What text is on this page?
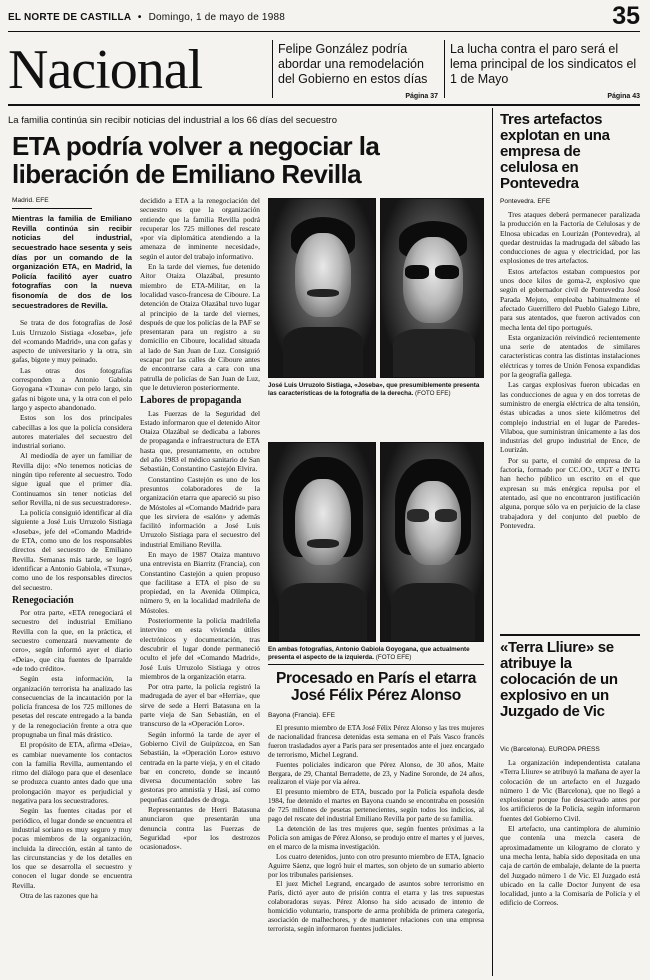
EL NORTE DE CASTILLA • Domingo, 1 de mayo de 1988	35
Nacional	Felipe González podría abordar una remodelación del Gobierno en estos días
Página 37
La lucha contra el paro será el lema principal de los sindicatos el 1 de Mayo
Página 43
La familia continúa sin recibir noticias del industrial a los 66 días del secuestro
ETA podría volver a negociar la liberación de Emiliano Revilla
Madrid. EFE
Mientras la familia de Emiliano Revilla continúa sin recibir noticias del industrial, secuestrado hace sesenta y seis días por un comando de la organización ETA, en Madrid, la Policía facilitó ayer cuatro fotografías con la nueva fisonomía de dos de los secuestradores de Revilla.

Se trata de dos fotografías de José Luis Urruzolo Sistiaga «Joseba», jefe del «comando Madrid», una con gafas y aspecto de universitario y la otra, sin gafas, bigote y muy peinado.

Las otras dos fotografías corresponden a Antonio Gabiola Goyogana «Txuna» con pelo largo, sin gafas ni bigote una, y la otra con el pelo largo y aspecto abandonado.

Estos son los dos principales cabecillas a los que la policía considera autores materiales del secuestro del industrial soriano.

Al mediodía de ayer un familiar de Revilla dijo: «No tenemos noticias de ningún tipo referente al secuestro. Todo sigue igual que el primer día. Continuamos sin tener noticias del señor Revilla, ni de sus secuestradores».

La policía consiguió identificar al día siguiente a José Luis Urruzolo Sistiaga «Joseba», jefe del «Comando Madrid» de ETA, como uno de los responsables directos del secuestro de Emiliano Revilla. Semanas más tarde, se logró identificar a Antonio Gabiola, «Txuna», como uno de los responsables directos del secuestro.

Renegociación

Por otra parte, «ETA renegociará el secuestro del industrial Emiliano Revilla con la que, en la práctica, el secuestro comenzará nuevamente de cero», según informó ayer el diario «Deia», que cita fuentes de Iparralde «de todo crédito».

Según esta información, la organización terrorista ha analizado las consecuencias de la incautación por la policía francesa de los 725 millones de pesetas del rescate entregado a la banda y de la renegociación frente a otra que propugnaba un final más drástico.

El propósito de ETA, afirma «Deia», es cambiar nuevamente los contactos con la familia Revilla, aumentando el ritmo del diálogo para que el desenlace se produzca cuanto antes dado que una prolongación mayor es perjudicial y negativa para los secuestradores.

Según las fuentes citadas por el periódico, el lugar donde se encuentra el industrial soriano es muy seguro y muy pocas miembros de la organización, incluida la dirección, están al tanto de las circunstancias y de los detalles en los que se desarrolla el secuestro y conocen el lugar donde se encuentra Revilla.

Otra de las razones que ha

decidido a ETA a la renegociación del secuestro es que la organización entiende que la familia Revilla podrá recuperar los 725 millones del rescate «por vía diplomática atendiendo a la amenaza de inminente necesidad», según el autor del trabajo informativo.

En la tarde del viernes, fue detenido Aitor Otaiza Olazábal, presunto miembro de ETA-Militar, en la localidad vasco-francesa de Ciboure. La detención de Otaiza Olazábal tuvo lugar al principio de la tarde del viernes, después de que los policías de la PAF se presentaran para un registro a su domicilio en Ciboure, localidad situada al lado de San Juan de Luz. Consiguió escapar por las calles de Ciboure antes de encontrarse cara a cara con una patrulla de policías de San Juan de Luz, que le detuvieron posteriormente.

Labores de propaganda

Las Fuerzas de la Seguridad del Estado informaron que el detenido Aitor Otaiza Olazábal se dedicaba a labores de propaganda e infraestructura de ETA hasta que, presuntamente, en octubre del año 1983 el médico sanitario de San Sebastián, Constantino Castejón Elvira.

Constantino Castejón es uno de los presuntos colaboradores de la organización etarra que apareció su piso de Móstoles al «Comando Madrid» para que les sirviera de «salón» y además facilitó información a José Luis Urruzolo Sistiaga para el secuestro del industrial Emiliano Revilla.

En mayo de 1987 Otaiza mantuvo una entrevista en Biarritz (Francia), con Constantino Castejón a quien propuso que facilitase a ETA el piso de su propiedad, en la Avenida Olímpica, número 9, en la localidad madrileña de Móstoles.

Posteriormente la policía madrileña intervino en esta vivienda útiles electrónicos y documentación, tras descubrir el lugar donde permaneció oculto el jefe del «Comando Madrid», José Luis Urruzolo Sistiaga y otros miembros de la organización etarra.

Por otra parte, la policía registró la madrugada de ayer el bar «Herria», que sirve de sede a Herri Batasuna en la parte vieja de San Sebastián, en el transcurso de la «Operación Loro».

Según informó la tarde de ayer el Gobierno Civil de Guipúzcoa, en San Sebastián, la «Operación Loro» estuvo centrada en la parte vieja, y en el citado bar en concreto, donde se incautó diversa documentación sobre las gestoras pro amnistía y Hasi, así como pequeñas cantidades de droga.

Representantes de Herri Batasuna anunciaron que presentarán una denuncia contra las Fuerzas de Seguridad «por los destrozos ocasionados».

José Luis Urruzolo Sistiaga, «Joseba», que presumiblemente presenta las características de la fotografía de la derecha. (FOTO EFE)
En ambas fotografías, Antonio Gabiola Goyogana, que actualmente presenta el aspecto de la izquierda. (FOTO EFE)
Procesado en París el etarra José Félix Pérez Alonso
Bayona (Francia). EFE

El presunto miembro de ETA José Félix Pérez Alonso y las tres mujeres de nacionalidad francesa detenidas esta semana en el País Vasco francés fueron trasladados ayer a París para ser presentados ante el juez encargado de terrorismo, Michel Legrand.

Fuentes policiales indicaron que Pérez Alonso, de 30 años, Maite Bergara, de 29, Chantal Berradette, de 23, y Nadine Soronde, de 24 años, realizaron el viaje por vía aérea.

El presunto miembro de ETA, buscado por la Policía española desde 1984, fue detenido el martes en Bayona cuando se encontraba en posesión de 725 millones de pesetas pertenecientes, según todos los indicios, al pago del rescate del industrial Emiliano Revilla por parte de su familia.

La detención de las tres mujeres que, según fuentes próximas a la Policía son amigas de Pérez Alonso, se produjo entre el martes y el jueves, en el marco de la misma investigación.

Los cuatro detenidos, junto con otro presunto miembro de ETA, Ignacio Aguirre Sáenz, que logró huir el martes, son objeto de un sumario abierto por los tribunales parisienses.

El juez Michel Legrand, encargado de asuntos sobre terrorismo en París, dictó ayer auto de prisión contra el etarra y las tres supuestas colaboradoras suyas. Pérez Alonso ha sido acusado de intento de homicidio voluntario, transporte de arma prohibida de primera categoría, asociación de malhechores, y de mantener relaciones con una empresa terrorista, según informaron fuentes judiciales.

Tres artefactos explotan en una empresa de celulosa en Pontevedra
Pontevedra. EFE

Tres ataques deberá permanecer paralizada la producción en la Factoría de Celulosas y de Elnosa ubicadas en Lourizán (Pontevedra), al quedar destruidas la madrugada del sábado las conducciones de agua y electricidad, por las explosiones de tres artefactos.

Estos artefactos estaban compuestos por unos doce kilos de goma-2, explosivo que según el gobernador civil de Pontevedra José Parada Mejuto, empleaba habitualmente el afectado Guerrillero del Pueblo Galego Libre, para sus atentados, que fueron activados con mecha lenta del tipo portugués.

Esta organización reivindicó recientemente una serie de atentados de similares características contra las distintas instalaciones eléctricas y torres de Unión Fenosa expandidas por la geografía gallega.

Las cargas explosivas fueron ubicadas en las conducciones de agua y en dos torretas de suministro de energía eléctrica de alta tensión, éstas ubicadas a unos siete kilómetros del complejo industrial en el lugar de Paredes-Vilaboa, que suministran únicamente a las dos industrias del grupo industrial de Ence, de Lourizán.

Por su parte, el comité de empresa de la factoría, formado por CC.OO., UGT e INTG han hecho público un escrito en el que expresan su más enérgica repulsa por el atentado, así que no encontraron justificación alguna, porque sólo va en perjuicio de la clase trabajadora y del conjunto del pueblo de Pontevedra.

«Terra Lliure» se atribuye la colocación de un explosivo en un Juzgado de Vic
Vic (Barcelona). EUROPA PRESS

La organización independentista catalana «Terra Lliure» se atribuyó la mañana de ayer la colocación de un artefacto en el Juzgado número 1 de Vic (Barcelona), que no llegó a explosionar porque fue desactivado antes por los artificieros de la Policía, según informaron fuentes del Gobierno Civil.

El artefacto, una cantimplora de aluminio que contenía una mezcla casera de aproximadamente un kilogramo de clorato y una mecha lenta, había sido depositada en una caja de cartón de embalaje, delante de la puerta del Juzgado número 1 de Vic. El Juzgado está ubicado en la calle Doctor Junyent de esa localidad, junto a la Comisaría de Policía y el edificio de Correos.
